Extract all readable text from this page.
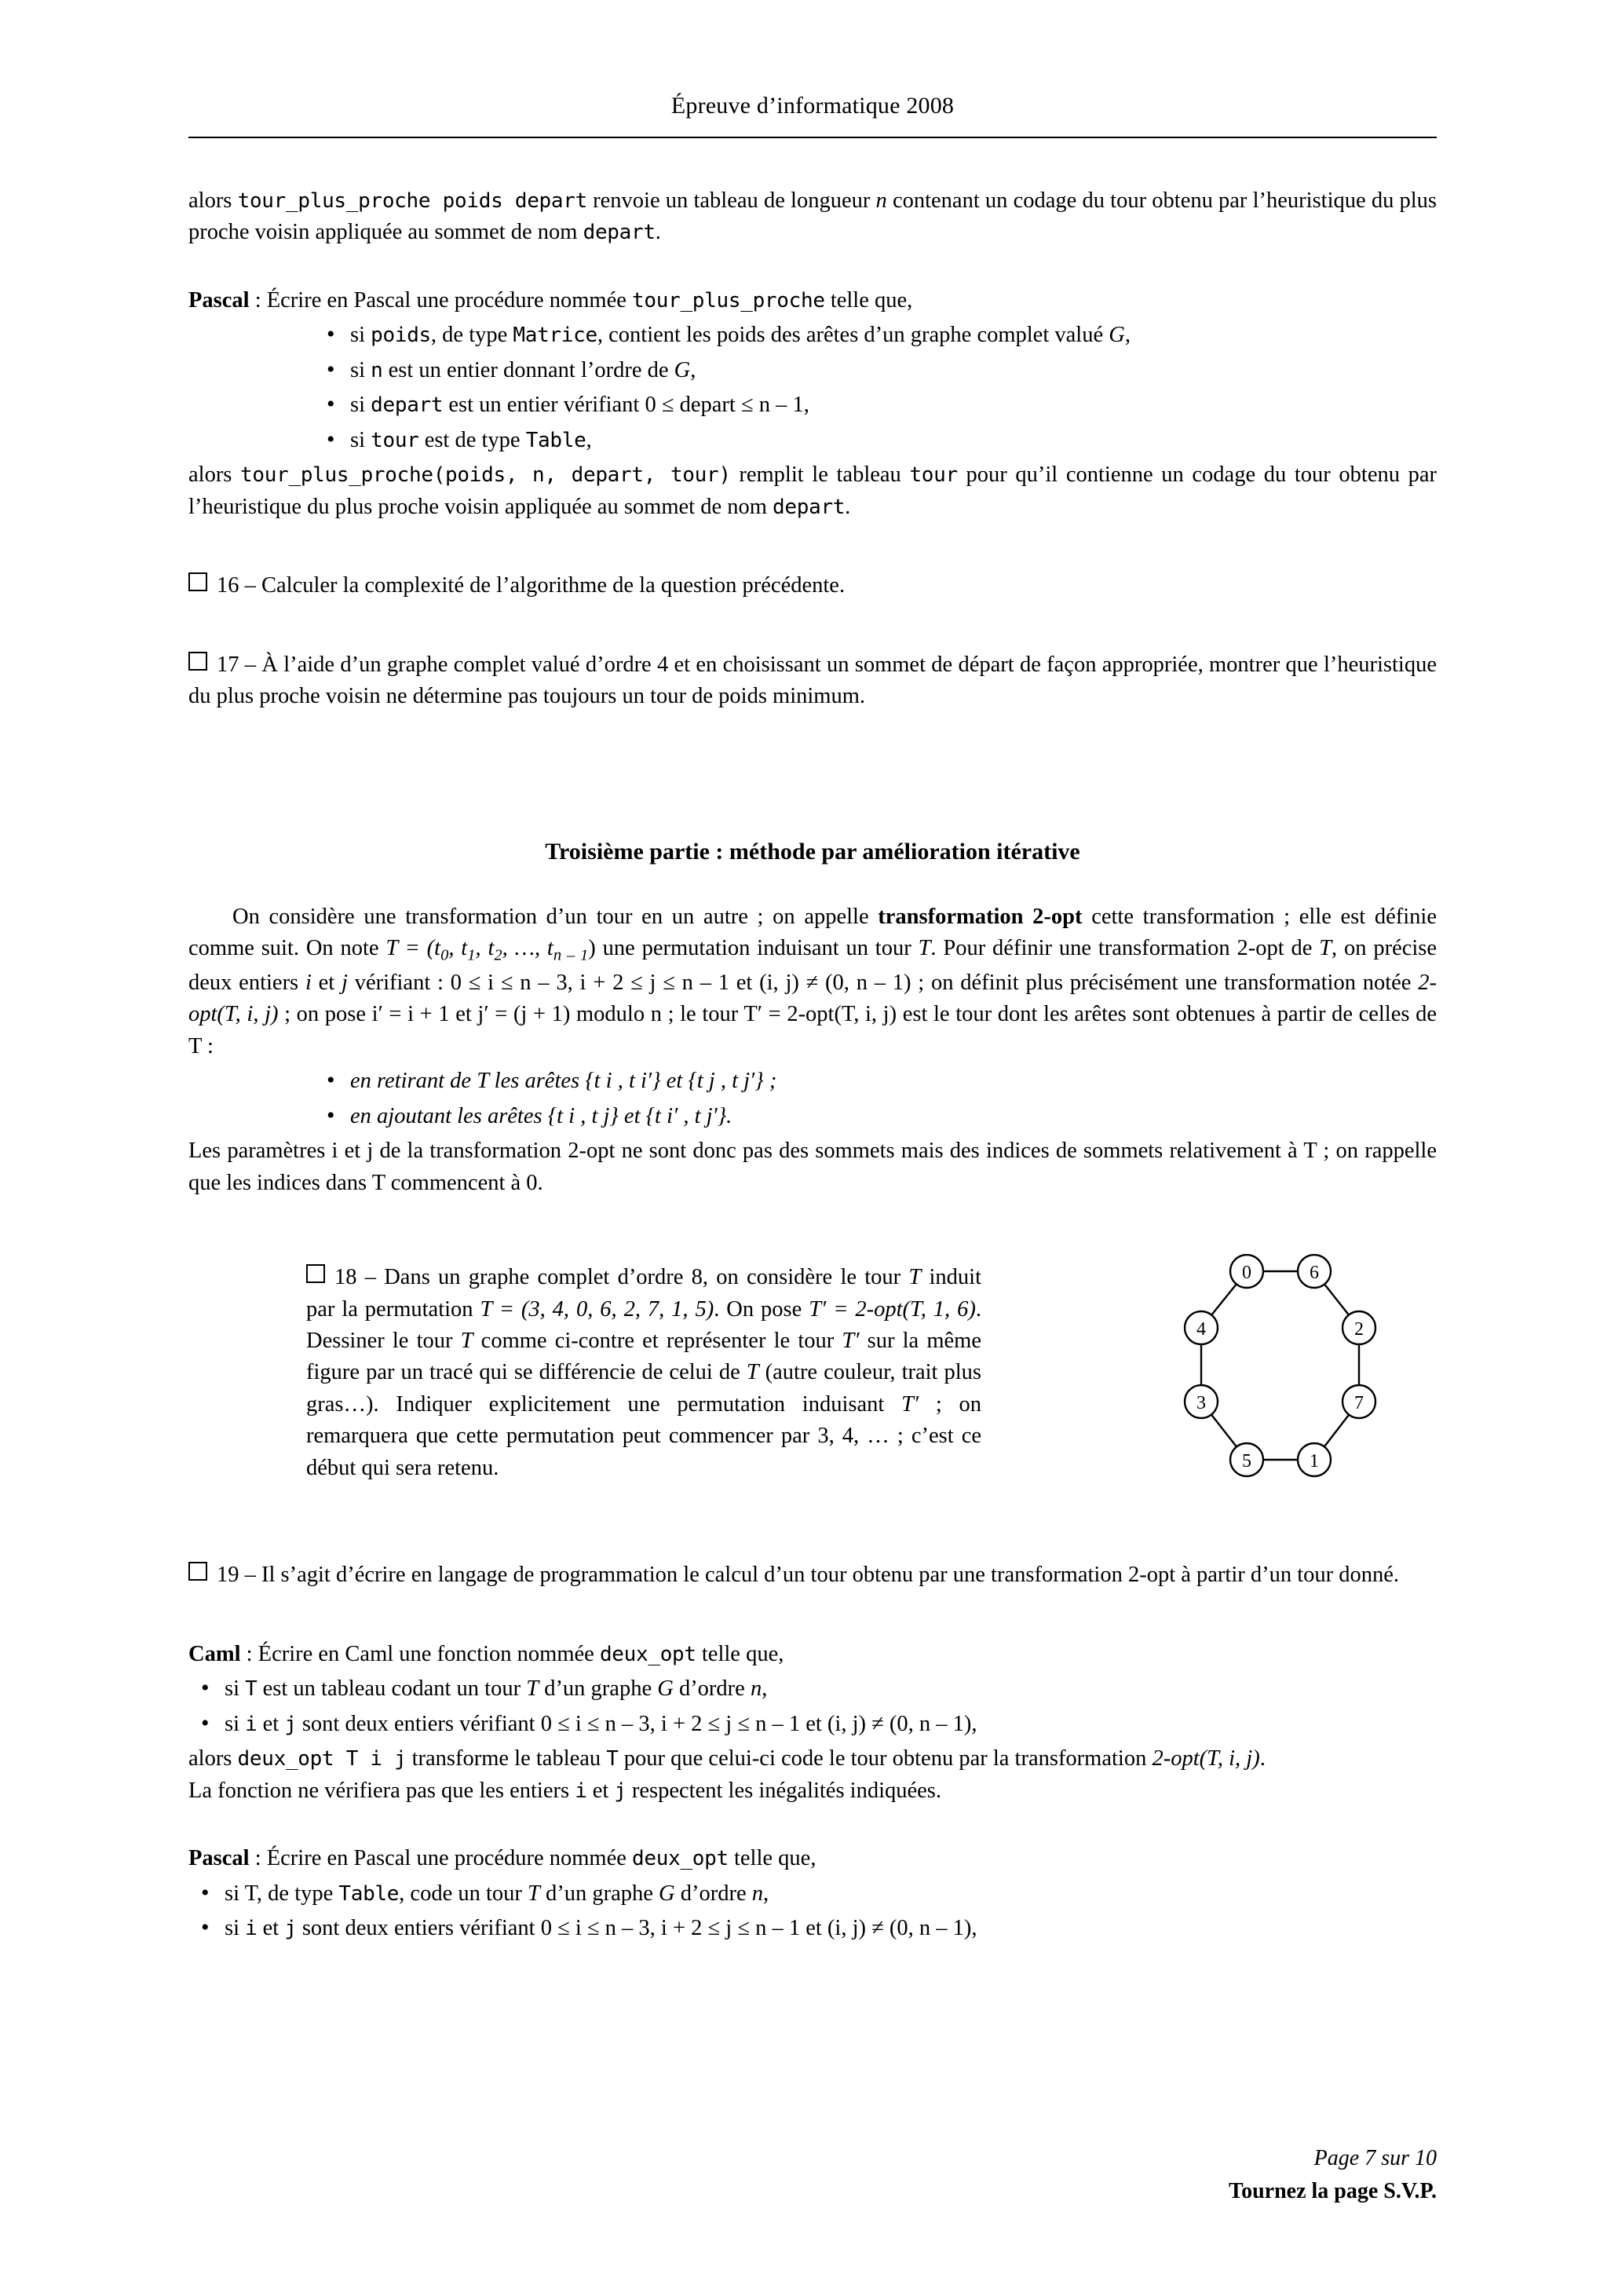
Épreuve d’informatique 2008

alors tour_plus_proche poids depart renvoie un tableau de longueur n contenant un codage du tour obtenu par l’heuristique du plus proche voisin appliquée au sommet de nom depart.

Pascal : Écrire en Pascal une procédure nommée tour_plus_proche telle que,

• si poids, de type Matrice, contient les poids des arêtes d’un graphe complet valué G,
• si n est un entier donnant l’ordre de G,
• si depart est un entier vérifiant 0 ≤ depart ≤ n – 1,
• si tour est de type Table,

alors tour_plus_proche(poids, n, depart, tour) remplit le tableau tour pour qu’il contienne un codage du tour obtenu par l’heuristique du plus proche voisin appliquée au sommet de nom depart.

16 – Calculer la complexité de l’algorithme de la question précédente.

17 – À l’aide d’un graphe complet valué d’ordre 4 et en choisissant un sommet de départ de façon appropriée, montrer que l’heuristique du plus proche voisin ne détermine pas toujours un tour de poids minimum.

Troisième partie : méthode par amélioration itérative

On considère une transformation d’un tour en un autre ; on appelle transformation 2-opt cette transformation ; elle est définie comme suit. On note $T = (t_0$, $t_1$, $t_2$, …, $t_{n - 1}$) une permutation induisant un tour T. Pour définir une transformation 2-opt de T, on précise deux entiers i et j vérifiant : 0 ≤ i ≤ n – 3, i + 2 ≤ j ≤ n – 1 et (i, j) ≠ (0, n – 1) ; on définit plus précisément une transformation notée 2-opt(T, i, j) ; on pose i′ = i + 1 et j′ = (j + 1) modulo n ; le tour T′ = 2-opt(T, i, j) est le tour dont les arêtes sont obtenues à partir de celles de T :

• en retirant de T les arêtes {t i , t i′} et {t j , t j′} ;
• en ajoutant les arêtes {t i , t j} et {t i′ , t j′}.

Les paramètres i et j de la transformation 2-opt ne sont donc pas des sommets mais des indices de sommets relativement à T ; on rappelle que les indices dans T commencent à 0.

18 – Dans un graphe complet d’ordre 8, on considère le tour T induit par la permutation T = (3, 4, 0, 6, 2, 7, 1, 5). On pose T′ = 2-opt(T, 1, 6). Dessiner le tour T comme ci-contre et représenter le tour T′ sur la même figure par un tracé qui se différencie de celui de T (autre couleur, trait plus gras…). Indiquer explicitement une permutation induisant T′ ; on remarquera que cette permutation peut commencer par 3, 4, … ; c’est ce début qui sera retenu.

0	6
2
7
1
5
3
4

19 – Il s’agit d’écrire en langage de programmation le calcul d’un tour obtenu par une transformation 2-opt à partir d’un tour donné.

Caml : Écrire en Caml une fonction nommée deux_opt telle que,

• si T est un tableau codant un tour T d’un graphe G d’ordre n,
• si i et j sont deux entiers vérifiant 0 ≤ i ≤ n – 3, i + 2 ≤ j ≤ n – 1 et (i, j) ≠ (0, n – 1),

alors deux_opt T i j transforme le tableau T pour que celui-ci code le tour obtenu par la transformation 2-opt(T, i, j).

La fonction ne vérifiera pas que les entiers i et j respectent les inégalités indiquées.

Pascal : Écrire en Pascal une procédure nommée deux_opt telle que,

• si T, de type Table, code un tour T d’un graphe G d’ordre n,
• si i et j sont deux entiers vérifiant 0 ≤ i ≤ n – 3, i + 2 ≤ j ≤ n – 1 et (i, j) ≠ (0, n – 1),
Page 7 sur 10
Tournez la page S.V.P.
